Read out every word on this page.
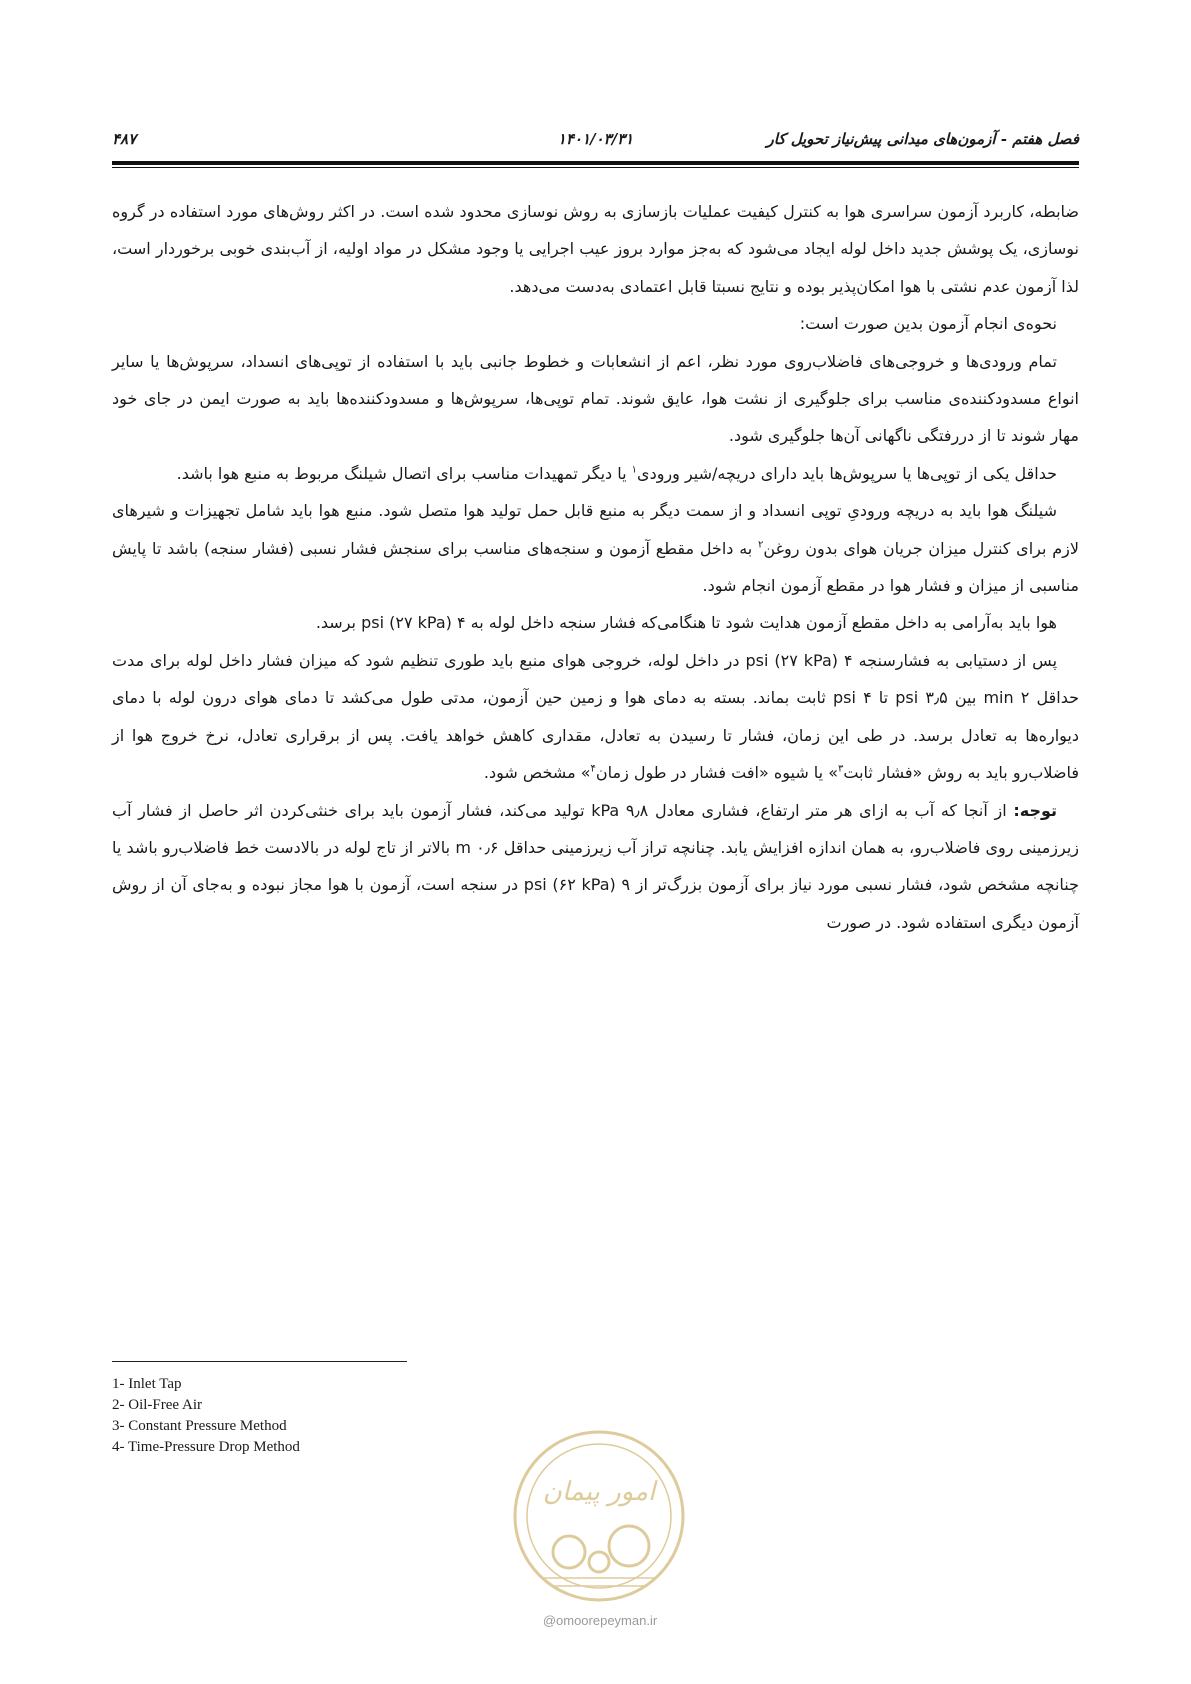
فصل هفتم - آزمون‌های میدانی پیش‌نیاز تحویل کار
۱۴۰۱/۰۳/۳۱
۴۸۷

ضابطه، کاربرد آزمون سراسری هوا به کنترل کیفیت عملیات بازسازی به روش نوسازی محدود شده است. در اکثر روش‌های مورد استفاده در گروه نوسازی، یک پوشش جدید داخل لوله ایجاد می‌شود که به‌جز موارد بروز عیب اجرایی یا وجود مشکل در مواد اولیه، از آب‌بندی خوبی برخوردار است، لذا آزمون عدم نشتی با هوا امکان‌پذیر بوده و نتایج نسبتا قابل اعتمادی به‌دست می‌دهد.

نحوه‌ی انجام آزمون بدین صورت است:

تمام ورودی‌ها و خروجی‌های فاضلاب‌روی مورد نظر، اعم از انشعابات و خطوط جانبی باید با استفاده از توپی‌های انسداد، سرپوش‌ها یا سایر انواع مسدودکننده‌ی مناسب برای جلوگیری از نشت هوا، عایق شوند. تمام توپی‌ها، سرپوش‌ها و مسدودکننده‌ها باید به صورت ایمن در جای خود مهار شوند تا از دررفتگی ناگهانی آن‌ها جلوگیری شود.

حداقل یکی از توپی‌ها یا سرپوش‌ها باید دارای دریچه/شیر ورودی$^۱$ یا دیگر تمهیدات مناسب برای اتصال شیلنگ مربوط به منبع هوا باشد.

شیلنگ هوا باید به دریچه ورودیِ توپی انسداد و از سمت دیگر به منبع قابل حمل تولید هوا متصل شود. منبع هوا باید شامل تجهیزات و شیرهای لازم برای کنترل میزان جریان هوای بدون روغن$^۲$ به داخل مقطع آزمون و سنجه‌های مناسب برای سنجش فشار نسبی (فشار سنجه) باشد تا پایش مناسبی از میزان و فشار هوا در مقطع آزمون انجام شود.

هوا باید به‌آرامی به داخل مقطع آزمون هدایت شود تا هنگامی‌که فشار سنجه داخل لوله به ۴ psi (۲۷ kPa) برسد.

پس از دستیابی به فشارسنجه ۴ psi (۲۷ kPa) در داخل لوله، خروجی هوای منبع باید طوری تنظیم شود که میزان فشار داخل لوله برای مدت حداقل ۲ min بین ۳٫۵ psi تا ۴ psi ثابت بماند. بسته به دمای هوا و زمین حین آزمون، مدتی طول می‌کشد تا دمای هوای درون لوله با دمای دیواره‌ها به تعادل برسد. در طی این زمان، فشار تا رسیدن به تعادل، مقداری کاهش خواهد یافت. پس از برقراری تعادل، نرخ خروج هوا از فاضلاب‌رو باید به روش «فشار ثابت$^۳$» یا شیوه «افت فشار در طول زمان$^۴$» مشخص شود.

توجه: از آنجا که آب به ازای هر متر ارتفاع، فشاری معادل ۹٫۸ kPa تولید می‌کند، فشار آزمون باید برای خنثی‌کردن اثر حاصل از فشار آب زیرزمینی روی فاضلاب‌رو، به همان اندازه افزایش یابد. چنانچه تراز آب زیرزمینی حداقل ۰٫۶ m بالاتر از تاج لوله در بالادست خط فاضلاب‌رو باشد یا چنانچه مشخص شود، فشار نسبی مورد نیاز برای آزمون بزرگ‌تر از ۹ psi (۶۲ kPa) در سنجه است، آزمون با هوا مجاز نبوده و به‌جای آن از روش آزمون دیگری استفاده شود. در صورت

1- Inlet Tap
2- Oil-Free Air
3- Constant Pressure Method
4- Time-Pressure Drop Method
امور پیمان
@omoorepeyman.ir
